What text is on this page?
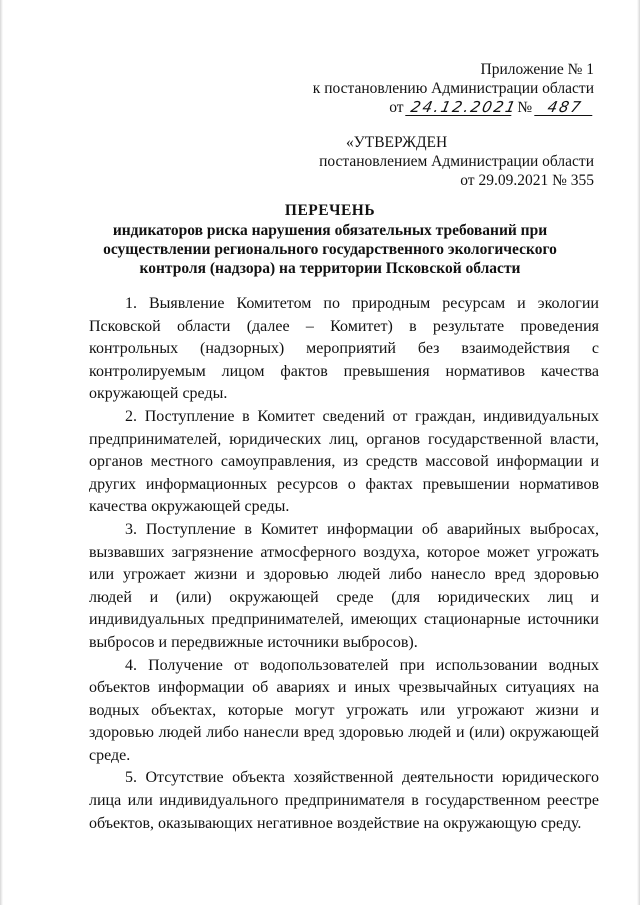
Приложение № 1
к постановлению Администрации области
от 24.12.2021 № 487
«УТВЕРЖДЕН
постановлением Администрации области
от 29.09.2021 № 355
ПЕРЕЧЕНЬ
индикаторов риска нарушения обязательных требований при
осуществлении регионального государственного экологического
контроля (надзора) на территории Псковской области

1. Выявление Комитетом по природным ресурсам и экологии Псковской области (далее – Комитет) в результате проведения контрольных (надзорных) мероприятий без взаимодействия с контролируемым лицом фактов превышения нормативов качества окружающей среды.

2. Поступление в Комитет сведений от граждан, индивидуальных предпринимателей, юридических лиц, органов государственной власти, органов местного самоуправления, из средств массовой информации и других информационных ресурсов о фактах превышении нормативов качества окружающей среды.

3. Поступление в Комитет информации об аварийных выбросах, вызвавших загрязнение атмосферного воздуха, которое может угрожать или угрожает жизни и здоровью людей либо нанесло вред здоровью людей и (или) окружающей среде (для юридических лиц и индивидуальных предпринимателей, имеющих стационарные источники выбросов и передвижные источники выбросов).

4. Получение от водопользователей при использовании водных объектов информации об авариях и иных чрезвычайных ситуациях на водных объектах, которые могут угрожать или угрожают жизни и здоровью людей либо нанесли вред здоровью людей и (или) окружающей среде.

5. Отсутствие объекта хозяйственной деятельности юридического лица или индивидуального предпринимателя в государственном реестре объектов, оказывающих негативное воздействие на окружающую среду.
